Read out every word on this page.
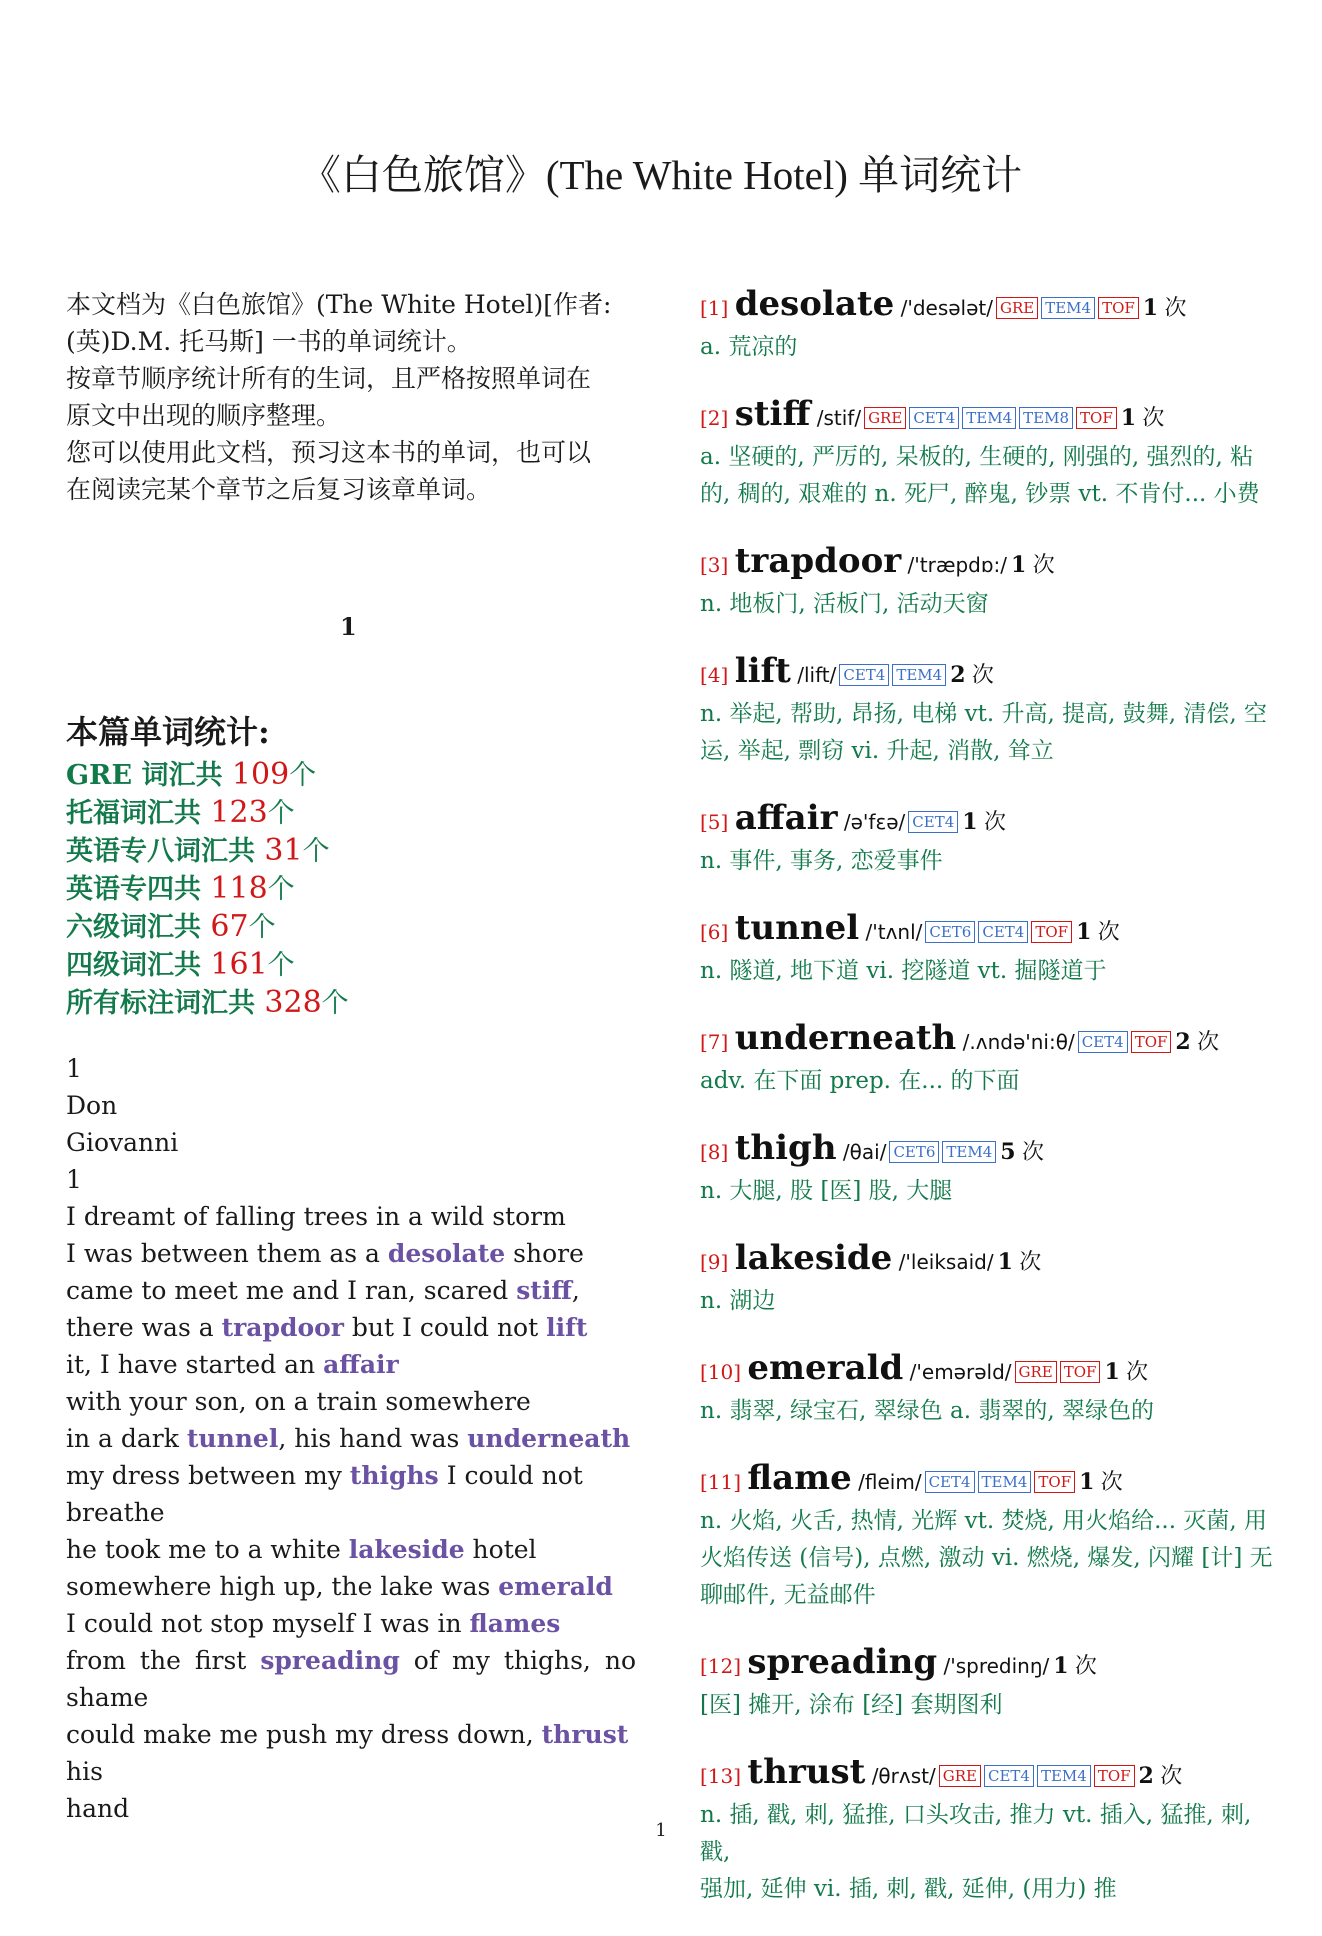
《白色旅馆》(The White Hotel) 单词统计

本文档为《白色旅馆》(The White Hotel)[作者:

(英)D.M. 托马斯] 一书的单词统计。

按章节顺序统计所有的生词，且严格按照单词在

原文中出现的顺序整理。

您可以使用此文档，预习这本书的单词，也可以

在阅读完某个章节之后复习该章单词。

1
本篇单词统计:
GRE 词汇共 109个
托福词汇共 123个
英语专八词汇共 31个
英语专四共 118个
六级词汇共 67个
四级词汇共 161个
所有标注词汇共 328个

1

Don

Giovanni

1

I dreamt of falling trees in a wild storm

I was between them as a desolate shore

came to meet me and I ran, scared stiff,

there was a trapdoor but I could not lift

it, I have started an affair

with your son, on a train somewhere

in a dark tunnel, his hand was underneath

my dress between my thighs I could not breathe

he took me to a white lakeside hotel

somewhere high up, the lake was emerald

I could not stop myself I was in flames

from the first spreading of my thighs, no

shame

could make me push my dress down, thrust his

hand

[1] desolate /'desələt/ GRE TEM4 TOF 1 次

a. 荒凉的

[2] stiff /stif/ GRE CET4 TEM4 TEM8 TOF 1 次

a. 坚硬的, 严厉的, 呆板的, 生硬的, 刚强的, 强烈的, 粘

的, 稠的, 艰难的 n. 死尸, 醉鬼, 钞票 vt. 不肯付... 小费

[3] trapdoor /'træpdɒ:/ 1 次

n. 地板门, 活板门, 活动天窗

[4] lift /lift/ CET4 TEM4 2 次

n. 举起, 帮助, 昂扬, 电梯 vt. 升高, 提高, 鼓舞, 清偿, 空

运, 举起, 剽窃 vi. 升起, 消散, 耸立

[5] affair /ə'fεə/ CET4 1 次

n. 事件, 事务, 恋爱事件

[6] tunnel /'tʌnl/ CET6 CET4 TOF 1 次

n. 隧道, 地下道 vi. 挖隧道 vt. 掘隧道于

[7] underneath /.ʌndə'ni:θ/ CET4 TOF 2 次

adv. 在下面 prep. 在... 的下面

[8] thigh /θai/ CET6 TEM4 5 次

n. 大腿, 股 [医] 股, 大腿

[9] lakeside /'leiksaid/ 1 次

n. 湖边

[10] emerald /'emərəld/ GRE TOF 1 次

n. 翡翠, 绿宝石, 翠绿色 a. 翡翠的, 翠绿色的

[11] flame /fleim/ CET4 TEM4 TOF 1 次

n. 火焰, 火舌, 热情, 光辉 vt. 焚烧, 用火焰给... 灭菌, 用

火焰传送 (信号), 点燃, 激动 vi. 燃烧, 爆发, 闪耀 [计] 无

聊邮件, 无益邮件

[12] spreading /'spredinŋ/ 1 次

[医] 摊开, 涂布 [经] 套期图利

[13] thrust /θrʌst/ GRE CET4 TEM4 TOF 2 次

n. 插, 戳, 刺, 猛推, 口头攻击, 推力 vt. 插入, 猛推, 刺, 戳,

强加, 延伸 vi. 插, 刺, 戳, 延伸, (用力) 推

1
